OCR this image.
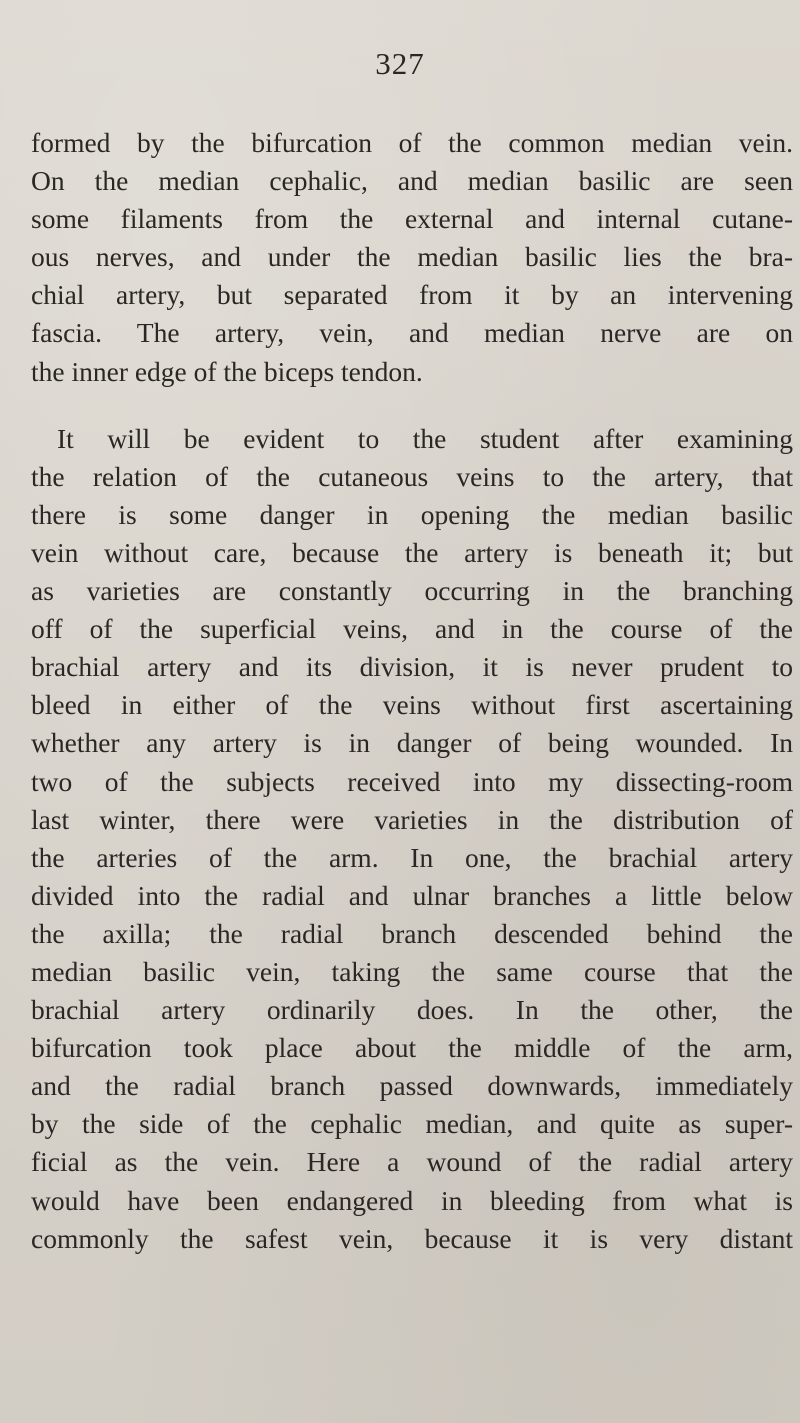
327
formed by the bifurcation of the common median vein.
On the median cephalic, and median basilic are seen
some filaments from the external and internal cutane-
ous nerves, and under the median basilic lies the bra-
chial artery, but separated from it by an intervening
fascia. The artery, vein, and median nerve are on
the inner edge of the biceps tendon.
It will be evident to the student after examining
the relation of the cutaneous veins to the artery, that
there is some danger in opening the median basilic
vein without care, because the artery is beneath it; but
as varieties are constantly occurring in the branching
off of the superficial veins, and in the course of the
brachial artery and its division, it is never prudent to
bleed in either of the veins without first ascertaining
whether any artery is in danger of being wounded. In
two of the subjects received into my dissecting-room
last winter, there were varieties in the distribution of
the arteries of the arm. In one, the brachial artery
divided into the radial and ulnar branches a little below
the axilla; the radial branch descended behind the
median basilic vein, taking the same course that the
brachial artery ordinarily does. In the other, the
bifurcation took place about the middle of the arm,
and the radial branch passed downwards, immediately
by the side of the cephalic median, and quite as super-
ficial as the vein. Here a wound of the radial artery
would have been endangered in bleeding from what is
commonly the safest vein, because it is very distant
